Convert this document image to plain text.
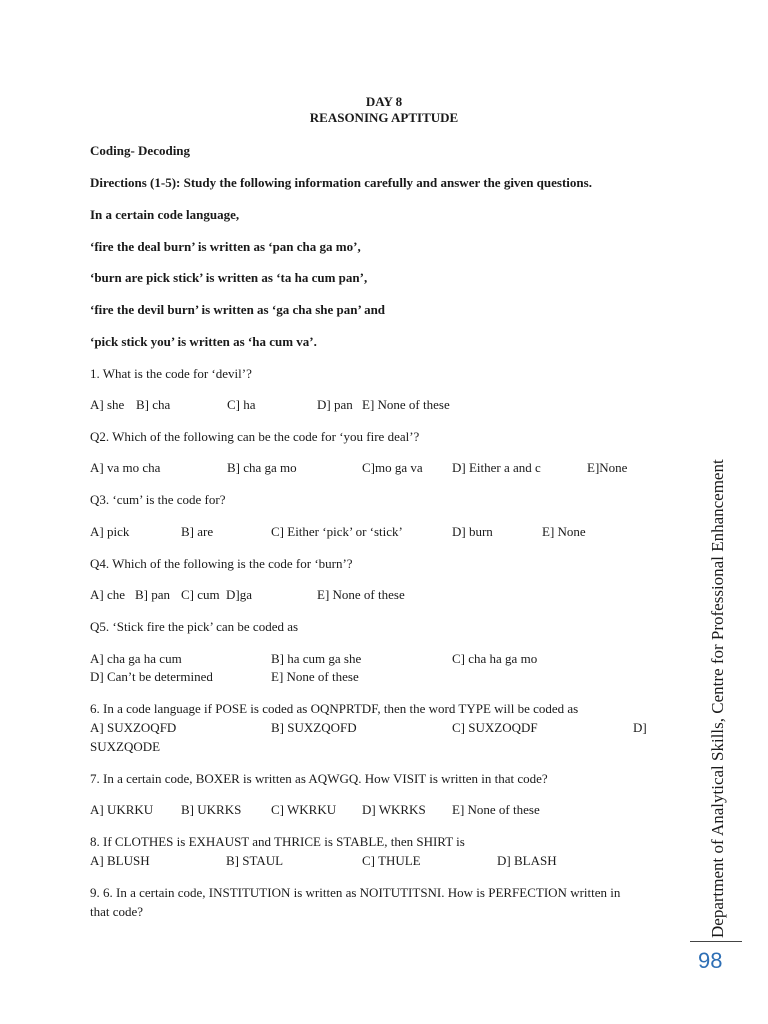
DAY 8
REASONING APTITUDE
Coding- Decoding
Directions (1-5): Study the following information carefully and answer the given questions.
In a certain code language,
‘fire the deal burn’ is written as ‘pan cha ga mo’,
‘burn are pick stick’ is written as ‘ta ha cum pan’,
‘fire the devil burn’ is written as ‘ga cha she pan’ and
‘pick stick you’ is written as ‘ha cum va’.
1. What is the code for ‘devil’?
A] she B] cha	C] ha	D] pan E] None of these
Q2. Which of the following can be the code for ‘you fire deal’?
A] va mo cha	B] cha ga mo	C]mo ga va D] Either a and c	E]None
Q3. ‘cum’ is the code for?
A] pick	B] are	C] Either ‘pick’ or ‘stick’	D] burn	E] None
Q4. Which of the following is the code for ‘burn’?
A] che B] pan C] cum D]ga	E] None of these
Q5. ‘Stick fire the pick’ can be coded as
A] cha ga ha cum	B] ha cum ga she	C] cha ha ga mo
D] Can’t be determined	E] None of these
6. In a code language if POSE is coded as OQNPRTDF, then the word TYPE will be coded as
A] SUXZOQFD	B] SUXZQOFD	C] SUXZOQDF	D]
SUXZQODE
7. In a certain code, BOXER is written as AQWGQ. How VISIT is written in that code?
A] UKRKU B] UKRKS C] WKRKU D] WKRKS E] None of these
8. If CLOTHES is EXHAUST and THRICE is STABLE, then SHIRT is
A] BLUSH	B] STAUL	C] THULE	D] BLASH
9. 6. In a certain code, INSTITUTION is written as NOITUTITSNI. How is PERFECTION written in
that code?	Department of Analytical Skills, Centre for Professional Enhancement
98
